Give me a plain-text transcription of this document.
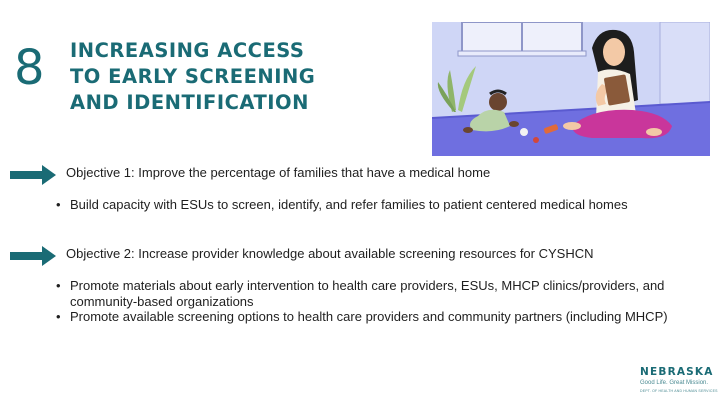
8 INCREASING ACCESS
TO EARLY SCREENING
AND IDENTIFICATION
Objective 1: Improve the percentage of families that have a medical home
• Build capacity with ESUs to screen, identify, and refer families to patient centered medical homes
Objective 2: Increase provider knowledge about available screening resources for CYSHCN
• Promote materials about early intervention to health care providers, ESUs, MHCP clinics/providers, and community-based organizations
• Promote available screening options to health care providers and community partners (including MHCP)
NEBRASKA
Good Life. Great Mission.
DEPT. OF HEALTH AND HUMAN SERVICES
